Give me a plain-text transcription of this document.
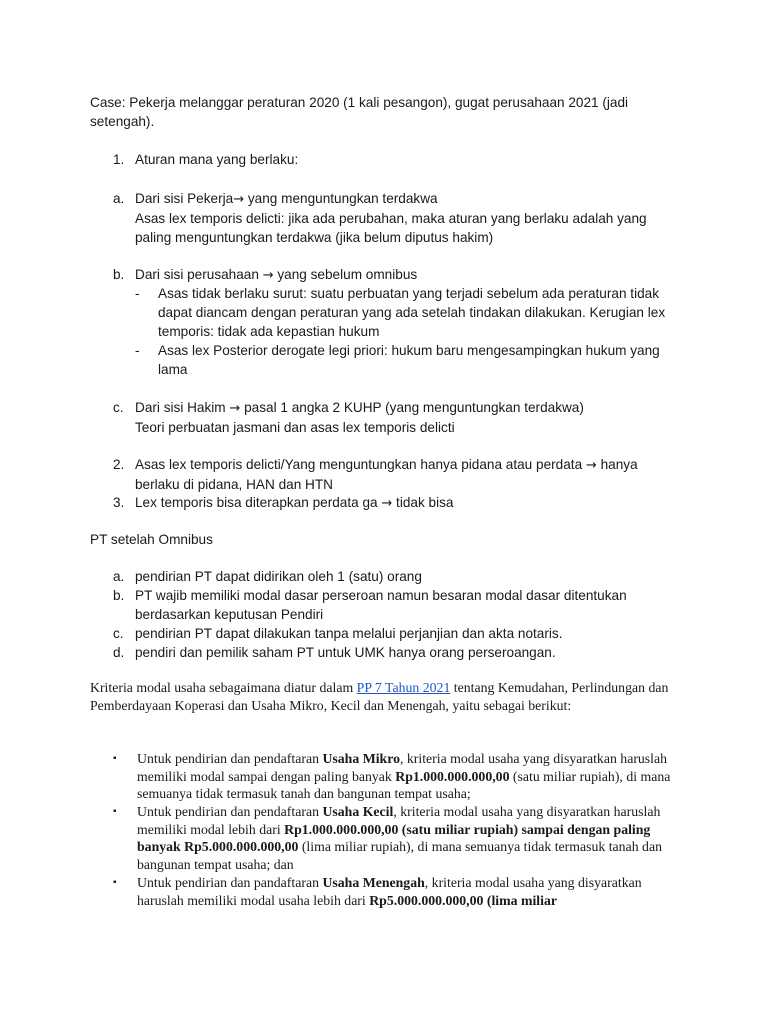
Case: Pekerja melanggar peraturan 2020 (1 kali pesangon), gugat perusahaan 2021 (jadi setengah).

1. Aturan mana yang berlaku:
a. Dari sisi Pekerja→ yang menguntungkan terdakwa
Asas lex temporis delicti: jika ada perubahan, maka aturan yang berlaku adalah yang paling menguntungkan terdakwa (jika belum diputus hakim)
b. Dari sisi perusahaan → yang sebelum omnibus
- Asas tidak berlaku surut: suatu perbuatan yang terjadi sebelum ada peraturan tidak dapat diancam dengan peraturan yang ada setelah tindakan dilakukan. Kerugian lex temporis: tidak ada kepastian hukum
- Asas lex Posterior derogate legi priori: hukum baru mengesampingkan hukum yang lama
c. Dari sisi Hakim → pasal 1 angka 2 KUHP (yang menguntungkan terdakwa)
Teori perbuatan jasmani dan asas lex temporis delicti
2. Asas lex temporis delicti/Yang menguntungkan hanya pidana atau perdata → hanya berlaku di pidana, HAN dan HTN
3. Lex temporis bisa diterapkan perdata ga → tidak bisa

PT setelah Omnibus

a. pendirian PT dapat didirikan oleh 1 (satu) orang
b. PT wajib memiliki modal dasar perseroan namun besaran modal dasar ditentukan berdasarkan keputusan Pendiri
c. pendirian PT dapat dilakukan tanpa melalui perjanjian dan akta notaris.
d. pendiri dan pemilik saham PT untuk UMK hanya orang perseroangan.

Kriteria modal usaha sebagaimana diatur dalam PP 7 Tahun 2021 tentang Kemudahan, Perlindungan dan Pemberdayaan Koperasi dan Usaha Mikro, Kecil dan Menengah, yaitu sebagai berikut:

▪ Untuk pendirian dan pendaftaran Usaha Mikro, kriteria modal usaha yang disyaratkan haruslah memiliki modal sampai dengan paling banyak Rp1.000.000.000,00 (satu miliar rupiah), di mana semuanya tidak termasuk tanah dan bangunan tempat usaha;
▪ Untuk pendirian dan pendaftaran Usaha Kecil, kriteria modal usaha yang disyaratkan haruslah memiliki modal lebih dari Rp1.000.000.000,00 (satu miliar rupiah) sampai dengan paling banyak Rp5.000.000.000,00 (lima miliar rupiah), di mana semuanya tidak termasuk tanah dan bangunan tempat usaha; dan
▪ Untuk pendirian dan pandaftaran Usaha Menengah, kriteria modal usaha yang disyaratkan haruslah memiliki modal usaha lebih dari Rp5.000.000.000,00 (lima miliar
